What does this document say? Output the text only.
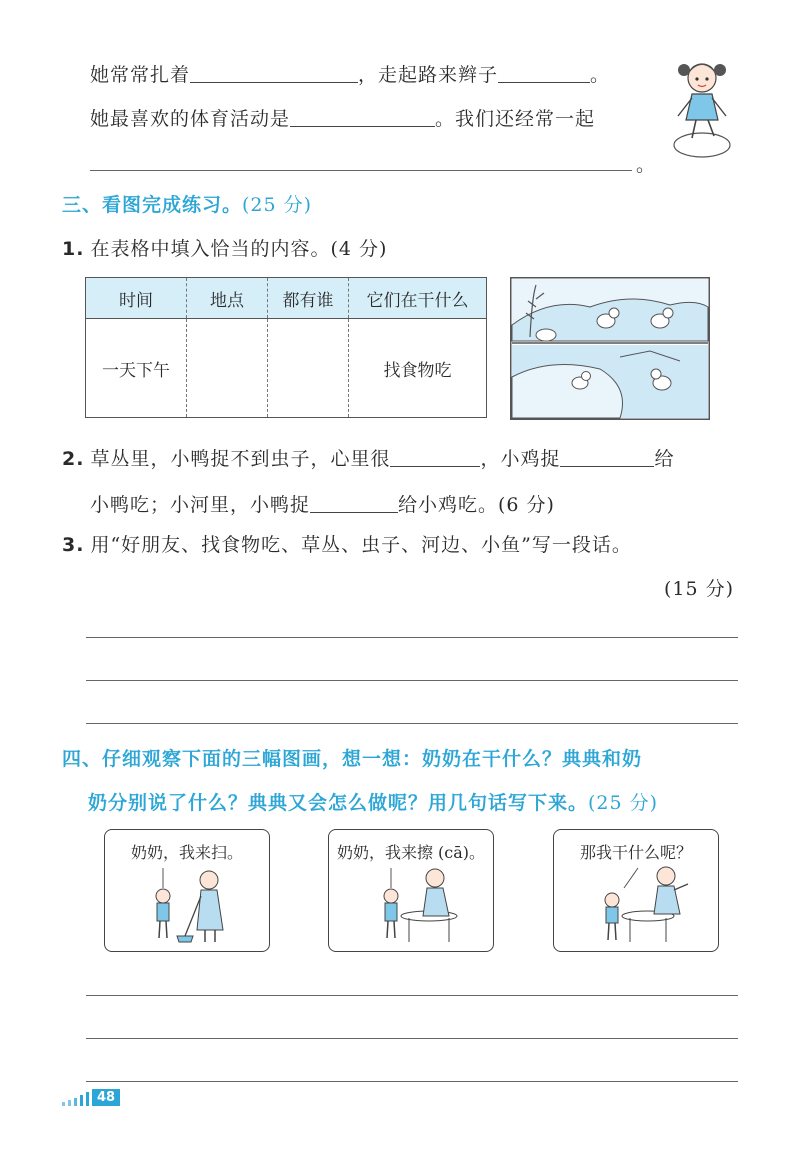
她常常扎着	，走起路来辫子	。
她最喜欢的体育活动是	。我们还经常一起
。
三、看图完成练习。(25 分)
1. 在表格中填入恰当的内容。(4 分)
时间	地点	都有谁	它们在干什么
一天下午			找食物吃
2. 草丛里，小鸭捉不到虫子，心里很	，小鸡捉	给
小鸭吃；小河里，小鸭捉	给小鸡吃。(6 分)
3. 用“好朋友、找食物吃、草丛、虫子、河边、小鱼”写一段话。
(15 分)
四、仔细观察下面的三幅图画，想一想：奶奶在干什么？典典和奶
奶分别说了什么？典典又会怎么做呢？用几句话写下来。(25 分)
奶奶，我来扫。	奶奶，我来擦 (cā)。	那我干什么呢？
48
